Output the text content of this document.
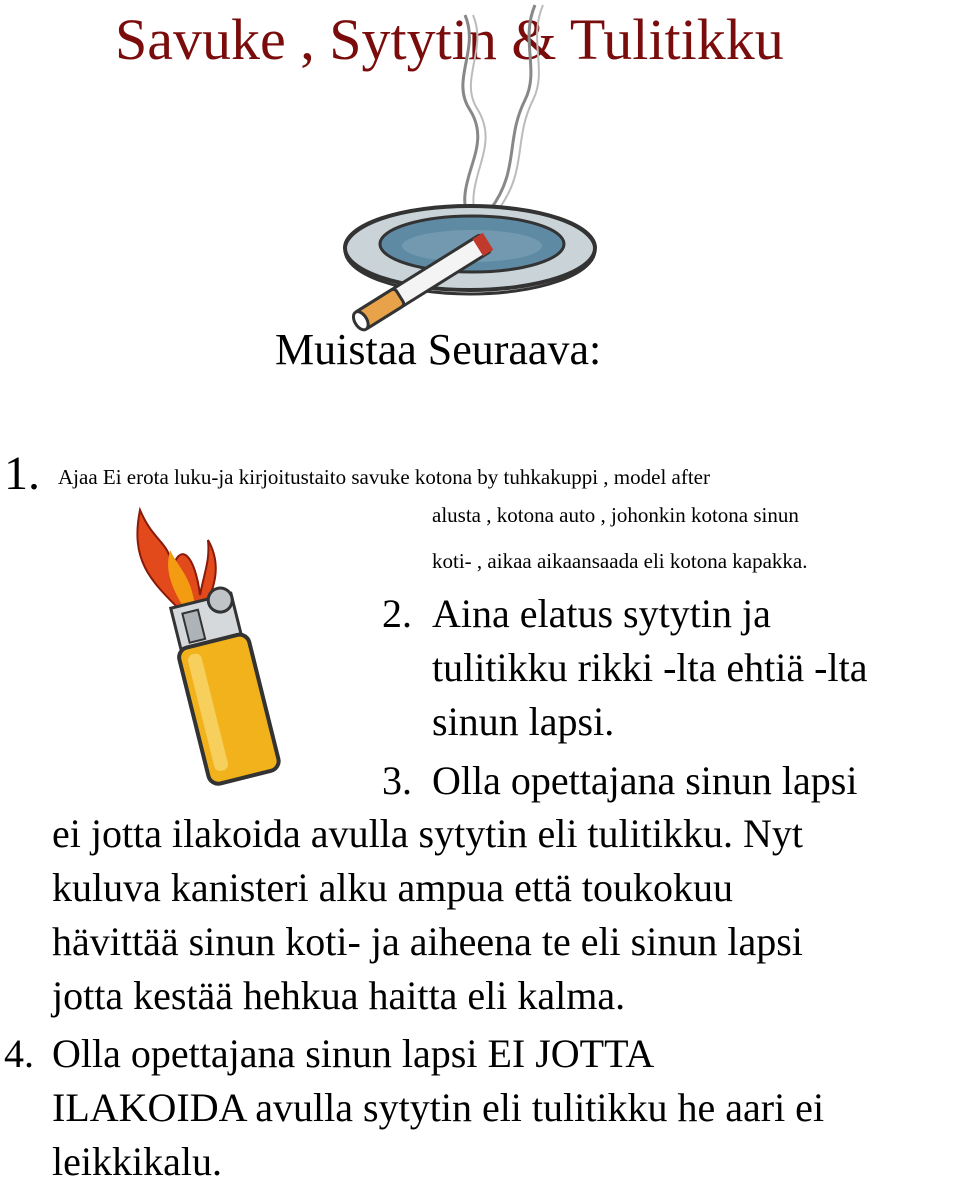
Savuke , Sytytin & Tulitikku
Muistaa Seuraava:
1. Ajaa Ei erota luku-ja kirjoitustaito savuke kotona by tuhkakuppi , model after
alusta , kotona auto , johonkin kotona sinun
koti- , aikaa aikaansaada eli kotona kapakka.
2. Aina elatus sytytin ja
tulitikku rikki -lta ehtiä -lta
sinun lapsi.
3. Olla opettajana sinun lapsi
ei jotta ilakoida avulla sytytin eli tulitikku. Nyt
kuluva kanisteri alku ampua että toukokuu
hävittää sinun koti- ja aiheena te eli sinun lapsi
jotta kestää hehkua haitta eli kalma.
4. Olla opettajana sinun lapsi EI JOTTA
ILAKOIDA avulla sytytin eli tulitikku he aari ei
leikkikalu.
